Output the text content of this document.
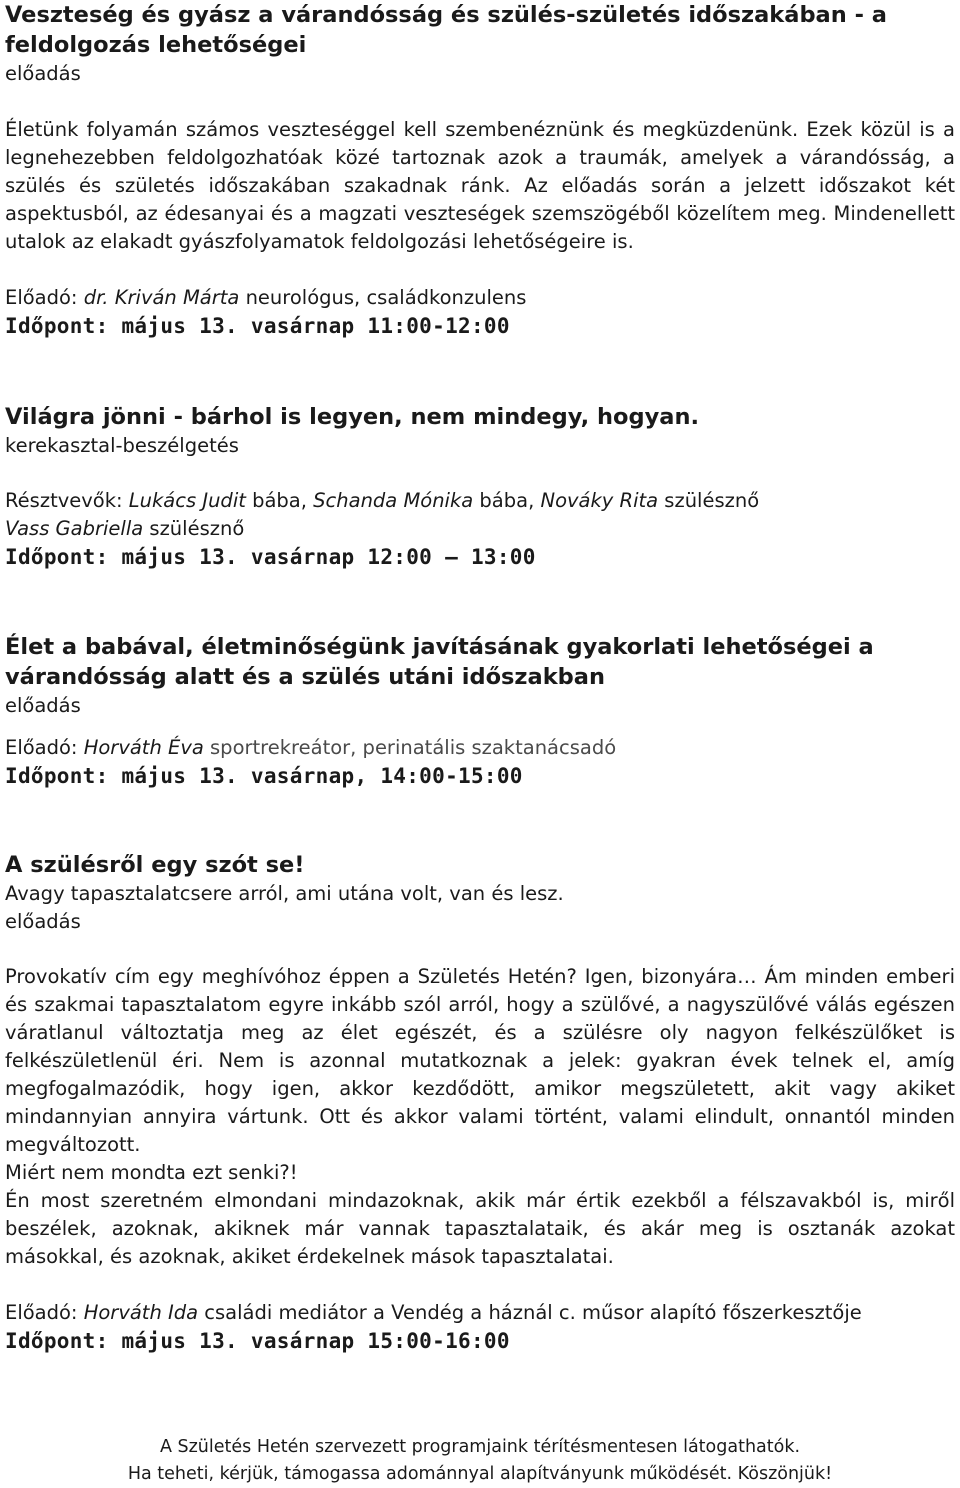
Veszteség és gyász a várandósság és szülés-születés időszakában - a feldolgozás lehetőségei
előadás
Életünk folyamán számos veszteséggel kell szembenéznünk és megküzdenünk. Ezek közül is a legnehezebben feldolgozhatóak közé tartoznak azok a traumák, amelyek a várandósság, a szülés és születés időszakában szakadnak ránk. Az előadás során a jelzett időszakot két aspektusból, az édesanyai és a magzati veszteségek szemszögéből közelítem meg. Mindenellett utalok az elakadt gyászfolyamatok feldolgozási lehetőségeire is.
Előadó: dr. Kriván Márta neurológus, családkonzulens
Időpont: május 13. vasárnap 11:00-12:00
Világra jönni - bárhol is legyen, nem mindegy, hogyan.
kerekasztal-beszélgetés
Résztvevők: Lukács Judit bába, Schanda Mónika bába, Nováky Rita szülésznő
Vass Gabriella szülésznő
Időpont: május 13. vasárnap 12:00 – 13:00
Élet a babával, életminőségünk javításának gyakorlati lehetőségei a várandósság alatt és a szülés utáni időszakban
előadás
Előadó: Horváth Éva sportrekreátor, perinatális szaktanácsadó
Időpont: május 13. vasárnap, 14:00-15:00
A szülésről egy szót se!
Avagy tapasztalatcsere arról, ami utána volt, van és lesz.
előadás
Provokatív cím egy meghívóhoz éppen a Születés Hetén? Igen, bizonyára… Ám minden emberi és szakmai tapasztalatom egyre inkább szól arról, hogy a szülővé, a nagyszülővé válás egészen váratlanul változtatja meg az élet egészét, és a szülésre oly nagyon felkészülőket is felkészületlenül éri. Nem is azonnal mutatkoznak a jelek: gyakran évek telnek el, amíg megfogalmazódik, hogy igen, akkor kezdődött, amikor megszületett, akit vagy akiket mindannyian annyira vártunk. Ott és akkor valami történt, valami elindult, onnantól minden megváltozott.
Miért nem mondta ezt senki?!
Én most szeretném elmondani mindazoknak, akik már értik ezekből a félszavakból is, miről beszélek, azoknak, akiknek már vannak tapasztalataik, és akár meg is osztanák azokat másokkal, és azoknak, akiket érdekelnek mások tapasztalatai.
Előadó: Horváth Ida családi mediátor a Vendég a háznál c. műsor alapító főszerkesztője
Időpont: május 13. vasárnap 15:00-16:00
A Születés Hetén szervezett programjaink térítésmentesen látogathatók.
Ha teheti, kérjük, támogassa adománnyal alapítványunk működését. Köszönjük!
